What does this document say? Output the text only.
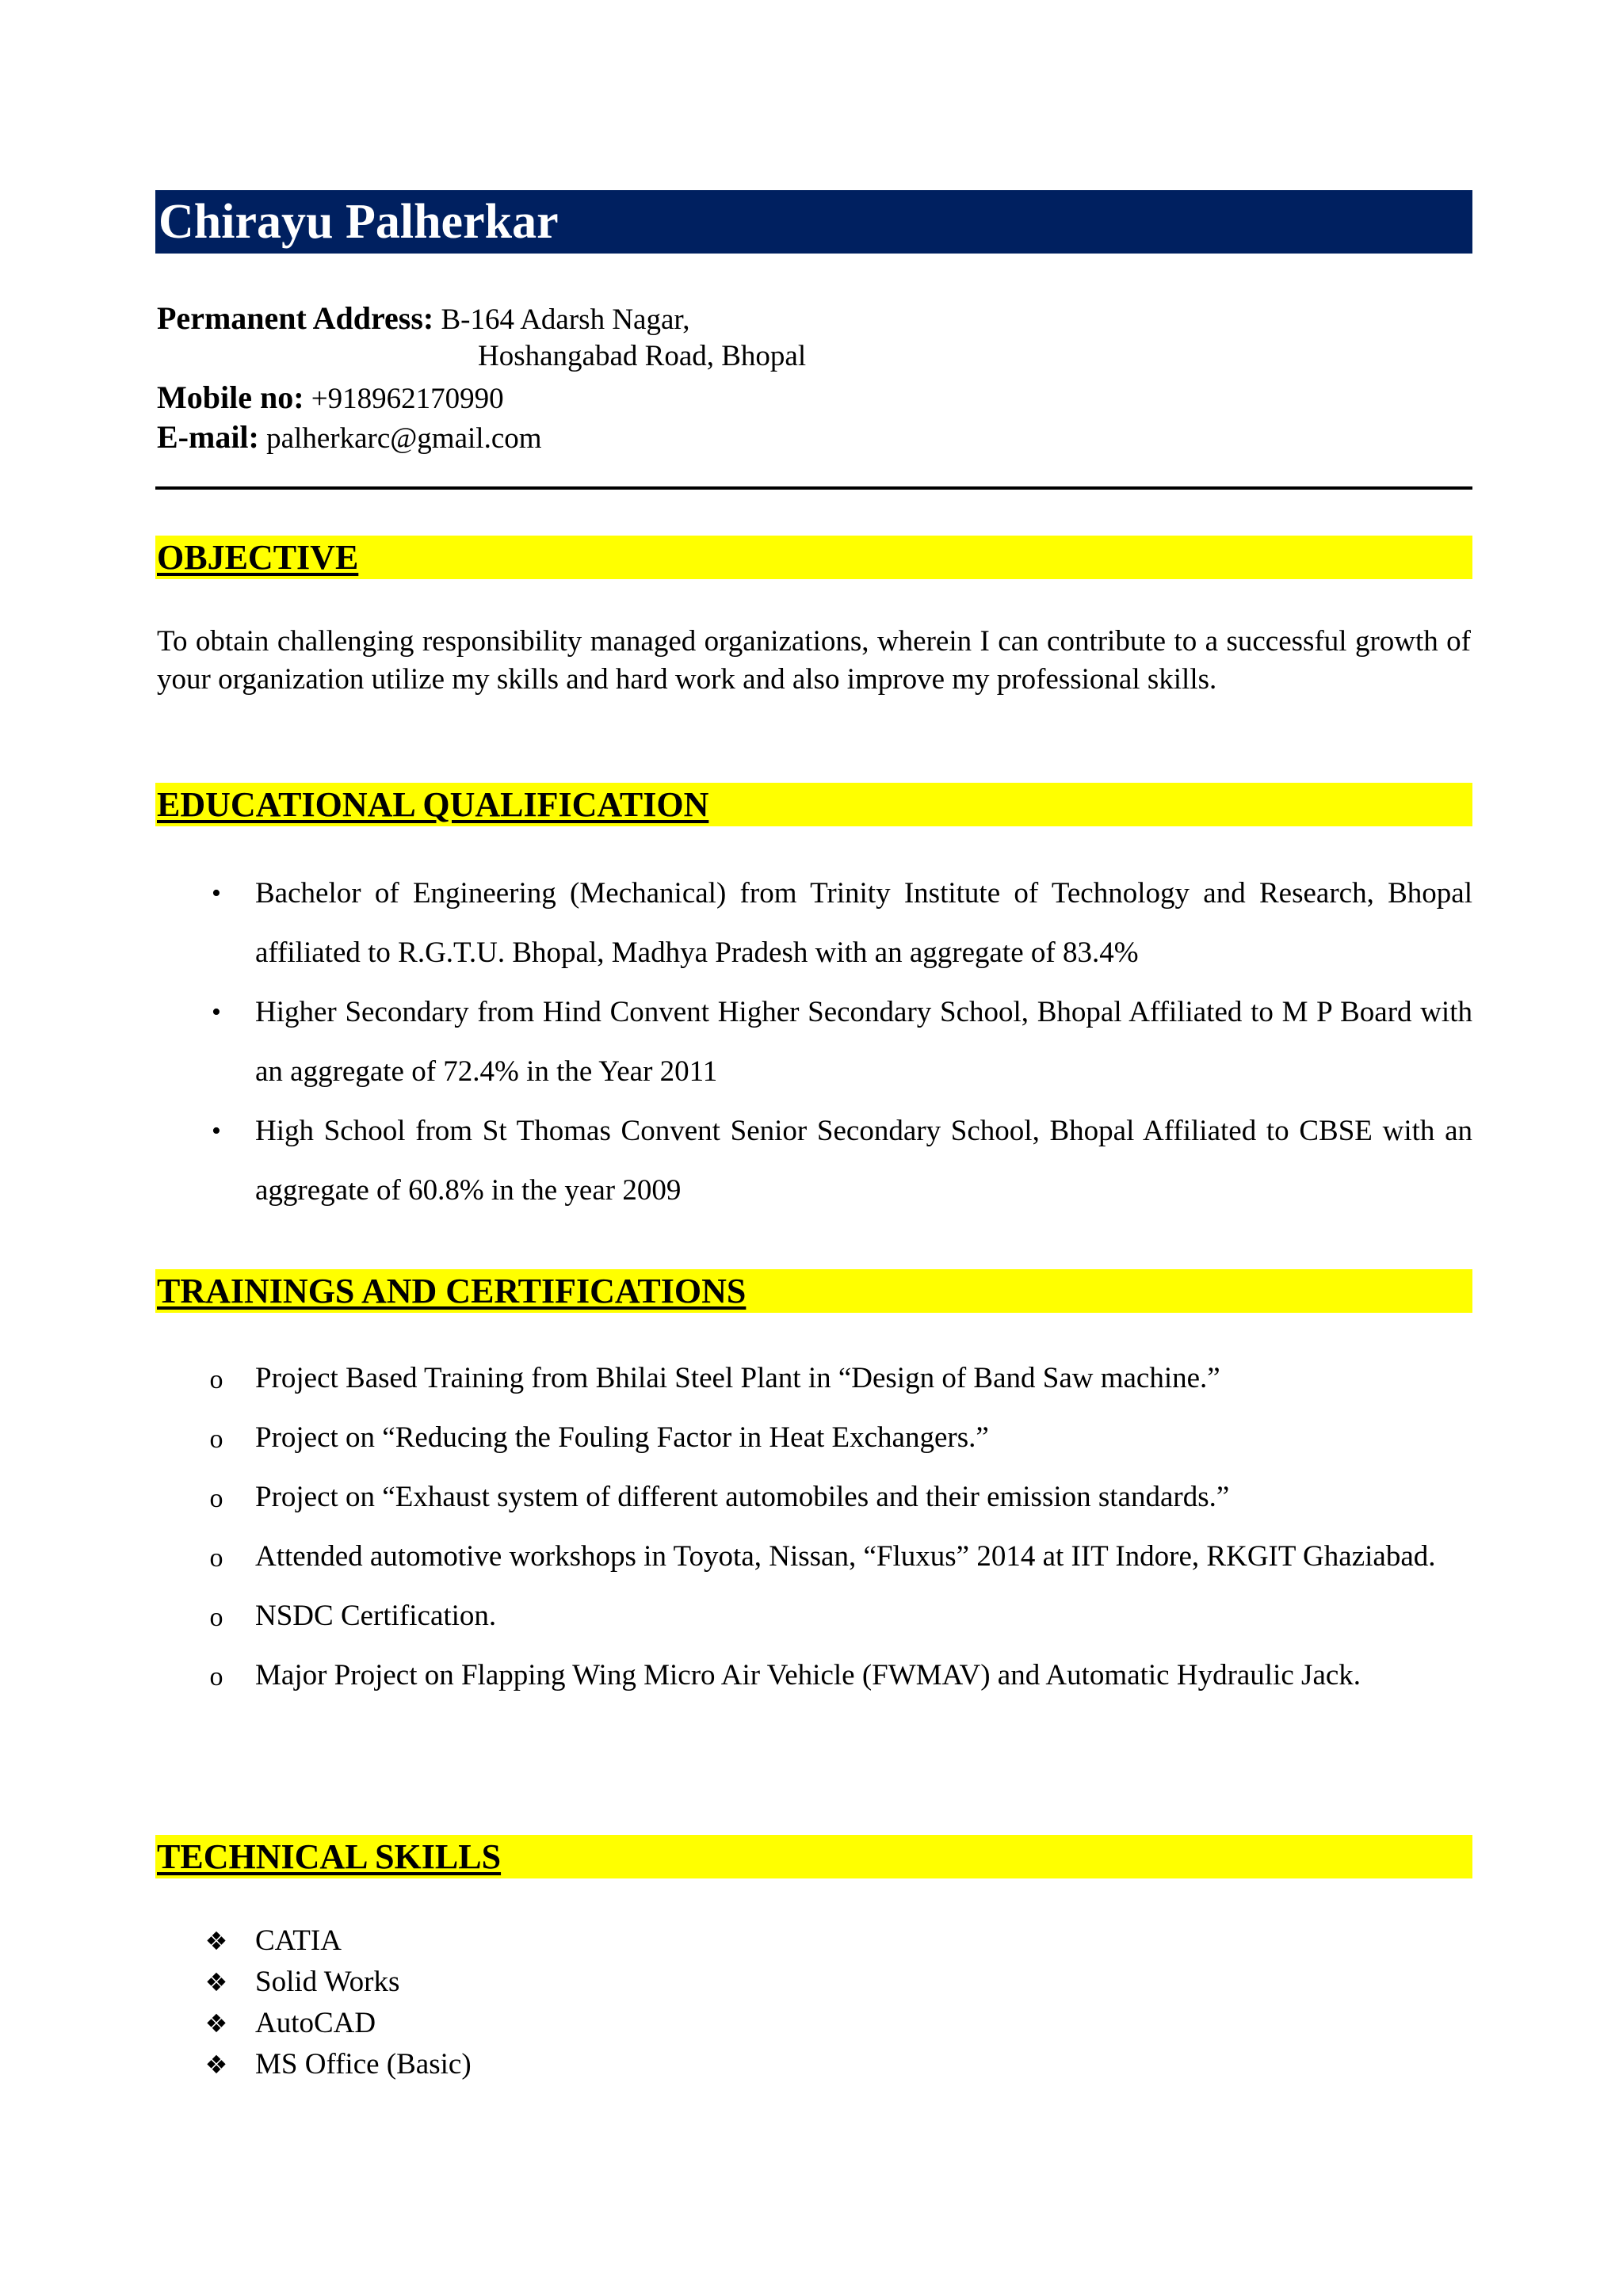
Chirayu Palherkar
Permanent Address: B-164 Adarsh Nagar,
Hoshangabad Road, Bhopal
Mobile no: +918962170990
E-mail: palherkarc@gmail.com
OBJECTIVE
To obtain challenging responsibility managed organizations, wherein I can contribute to a successful growth of your organization utilize my skills and hard work and also improve my professional skills.
EDUCATIONAL QUALIFICATION
•	Bachelor of Engineering (Mechanical) from Trinity Institute of Technology and Research, Bhopal affiliated to R.G.T.U. Bhopal, Madhya Pradesh with an aggregate of 83.4%
•	Higher Secondary from Hind Convent Higher Secondary School, Bhopal Affiliated to M P Board with an aggregate of 72.4% in the Year 2011
•	High School from St Thomas Convent Senior Secondary School, Bhopal Affiliated to CBSE with an aggregate of 60.8% in the year 2009
TRAININGS AND CERTIFICATIONS
o	Project Based Training from Bhilai Steel Plant in “Design of Band Saw machine.”
o	Project on “Reducing the Fouling Factor in Heat Exchangers.”
o	Project on “Exhaust system of different automobiles and their emission standards.”
o	Attended automotive workshops in Toyota, Nissan, “Fluxus” 2014 at IIT Indore, RKGIT Ghaziabad.
o	NSDC Certification.
o	Major Project on Flapping Wing Micro Air Vehicle (FWMAV) and Automatic Hydraulic Jack.
TECHNICAL SKILLS
❖ CATIA
❖ Solid Works
❖ AutoCAD
❖ MS Office (Basic)
